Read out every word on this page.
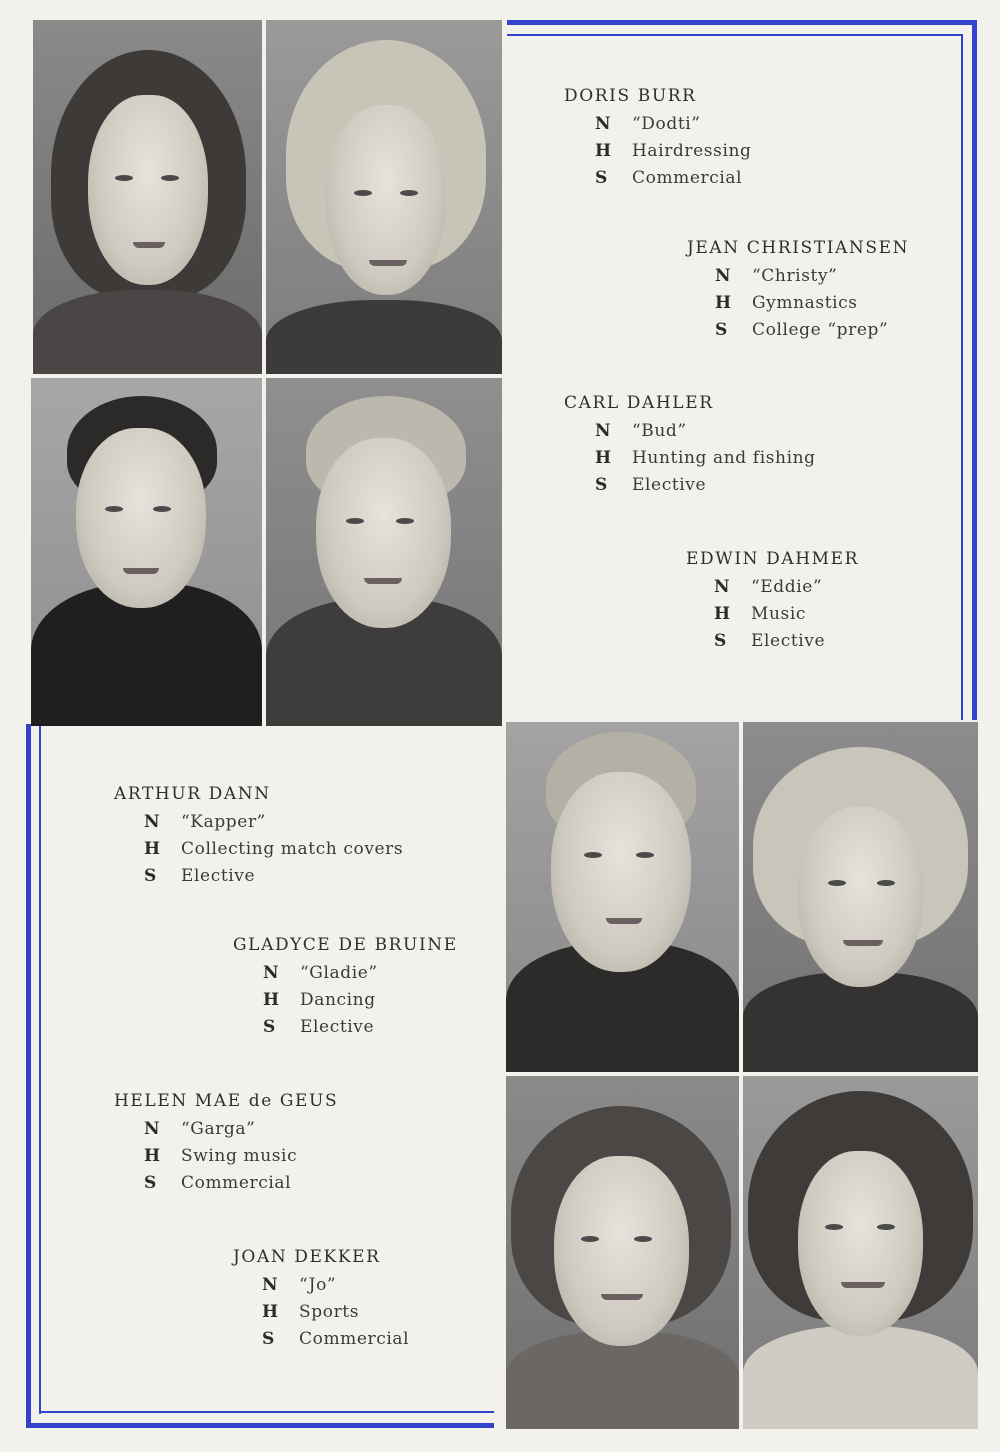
DORIS BURR
N	“Dodti”
H	Hairdressing
S	Commercial
JEAN CHRISTIANSEN
N	“Christy”
H	Gymnastics
S	College “prep”
CARL DAHLER
N	“Bud”
H	Hunting and fishing
S	Elective
EDWIN DAHMER
N	“Eddie”
H	Music
S	Elective
ARTHUR DANN
N	“Kapper”
H	Collecting match covers
S	Elective
GLADYCE DE BRUINE
N	“Gladie”
H	Dancing
S	Elective
HELEN MAE de GEUS
N	“Garga”
H	Swing music
S	Commercial
JOAN DEKKER
N	“Jo”
H	Sports
S	Commercial
